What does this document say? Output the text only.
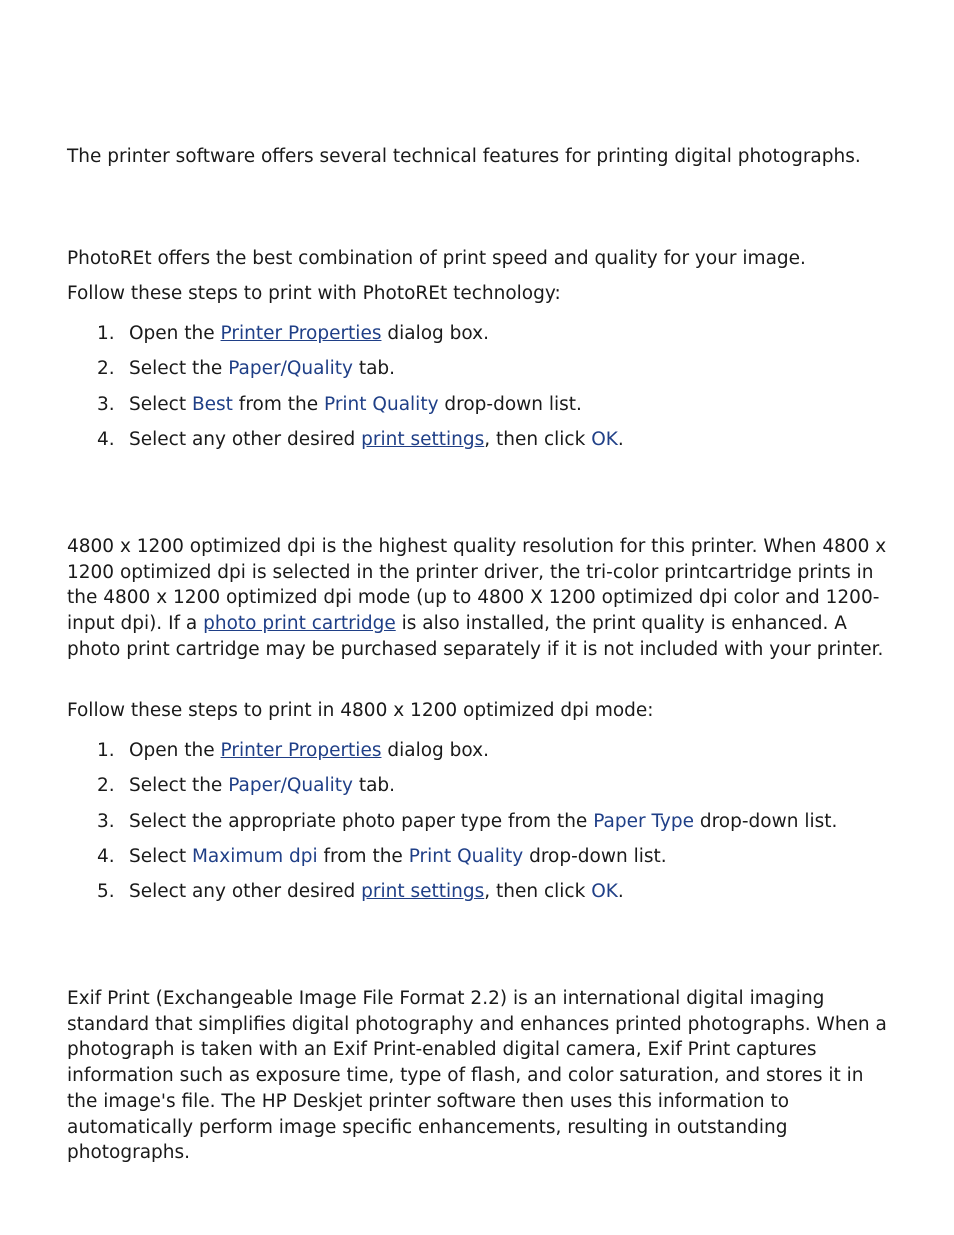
The printer software offers several technical features for printing digital photographs.

PhotoREt offers the best combination of print speed and quality for your image.

Follow these steps to print with PhotoREt technology:

1. Open the Printer Properties dialog box.
2. Select the Paper/Quality tab.
3. Select Best from the Print Quality drop-down list.
4. Select any other desired print settings, then click OK.

4800 x 1200 optimized dpi is the highest quality resolution for this printer. When 4800 x 1200 optimized dpi is selected in the printer driver, the tri-color printcartridge prints in the 4800 x 1200 optimized dpi mode (up to 4800 X 1200 optimized dpi color and 1200-input dpi). If a photo print cartridge is also installed, the print quality is enhanced. A photo print cartridge may be purchased separately if it is not included with your printer.

Follow these steps to print in 4800 x 1200 optimized dpi mode:

1. Open the Printer Properties dialog box.
2. Select the Paper/Quality tab.
3. Select the appropriate photo paper type from the Paper Type drop-down list.
4. Select Maximum dpi from the Print Quality drop-down list.
5. Select any other desired print settings, then click OK.

Exif Print (Exchangeable Image File Format 2.2) is an international digital imaging standard that simplifies digital photography and enhances printed photographs. When a photograph is taken with an Exif Print-enabled digital camera, Exif Print captures information such as exposure time, type of flash, and color saturation, and stores it in the image's file. The HP Deskjet printer software then uses this information to automatically perform image specific enhancements, resulting in outstanding photographs.
